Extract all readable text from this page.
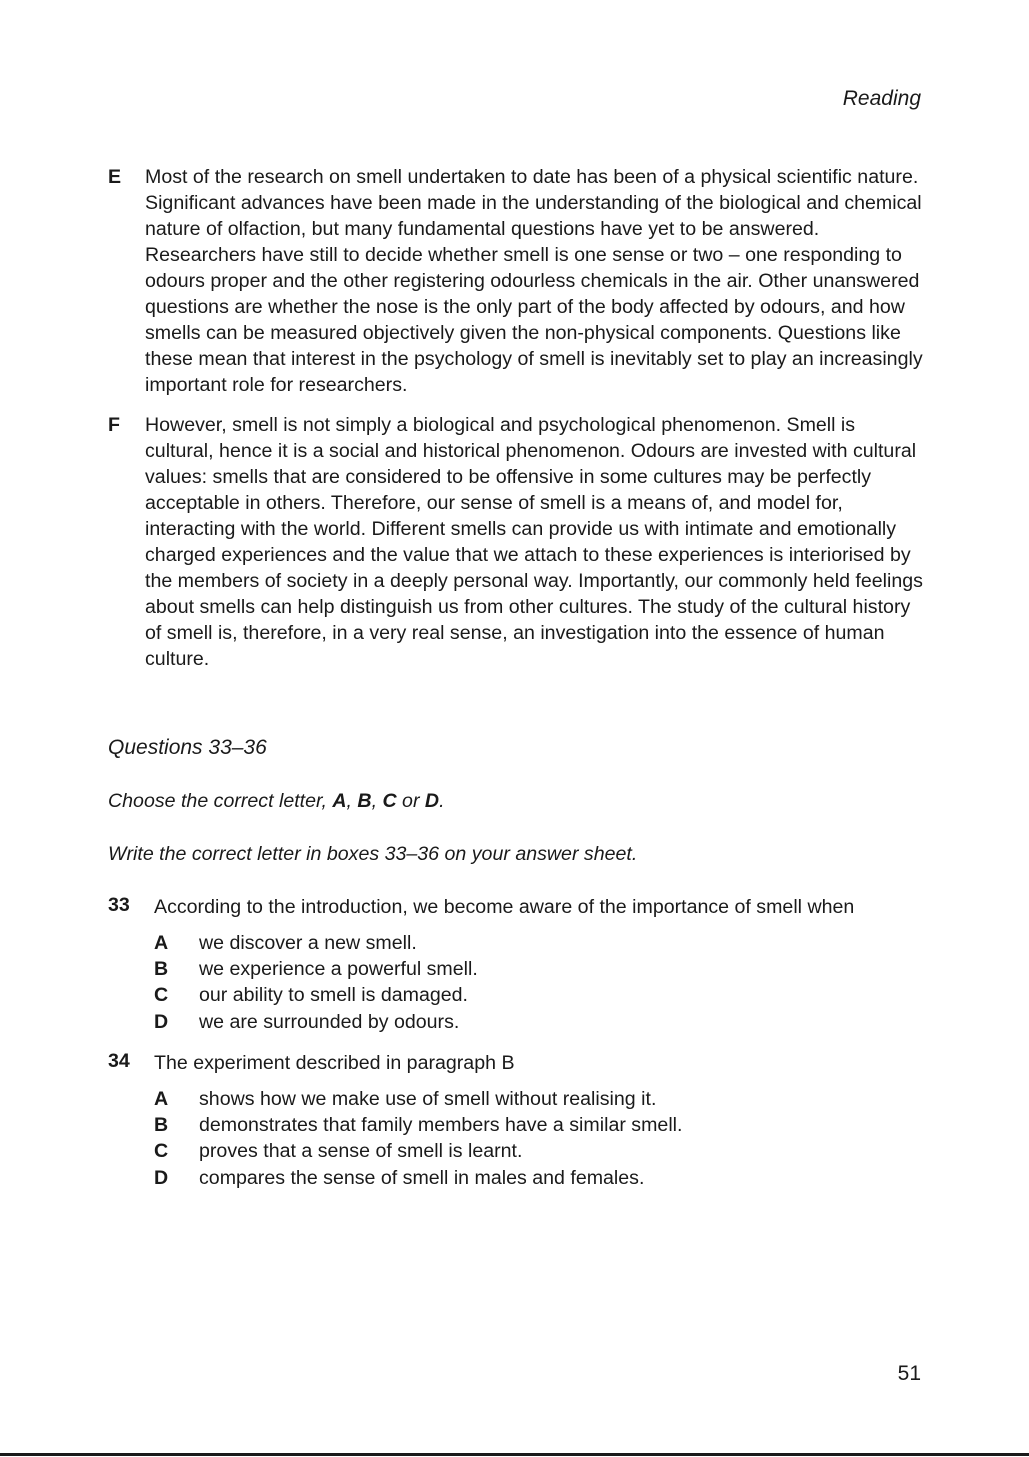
Reading
E Most of the research on smell undertaken to date has been of a physical scientific nature. Significant advances have been made in the understanding of the biological and chemical nature of olfaction, but many fundamental questions have yet to be answered. Researchers have still to decide whether smell is one sense or two – one responding to odours proper and the other registering odourless chemicals in the air. Other unanswered questions are whether the nose is the only part of the body affected by odours, and how smells can be measured objectively given the non-physical components. Questions like these mean that interest in the psychology of smell is inevitably set to play an increasingly important role for researchers.
F However, smell is not simply a biological and psychological phenomenon. Smell is cultural, hence it is a social and historical phenomenon. Odours are invested with cultural values: smells that are considered to be offensive in some cultures may be perfectly acceptable in others. Therefore, our sense of smell is a means of, and model for, interacting with the world. Different smells can provide us with intimate and emotionally charged experiences and the value that we attach to these experiences is interiorised by the members of society in a deeply personal way. Importantly, our commonly held feelings about smells can help distinguish us from other cultures. The study of the cultural history of smell is, therefore, in a very real sense, an investigation into the essence of human culture.
Questions 33–36
Choose the correct letter, A, B, C or D.
Write the correct letter in boxes 33–36 on your answer sheet.
33 According to the introduction, we become aware of the importance of smell when
A	we discover a new smell.
B	we experience a powerful smell.
C	our ability to smell is damaged.
D	we are surrounded by odours.
34 The experiment described in paragraph B
A	shows how we make use of smell without realising it.
B	demonstrates that family members have a similar smell.
C	proves that a sense of smell is learnt.
D	compares the sense of smell in males and females.
51
